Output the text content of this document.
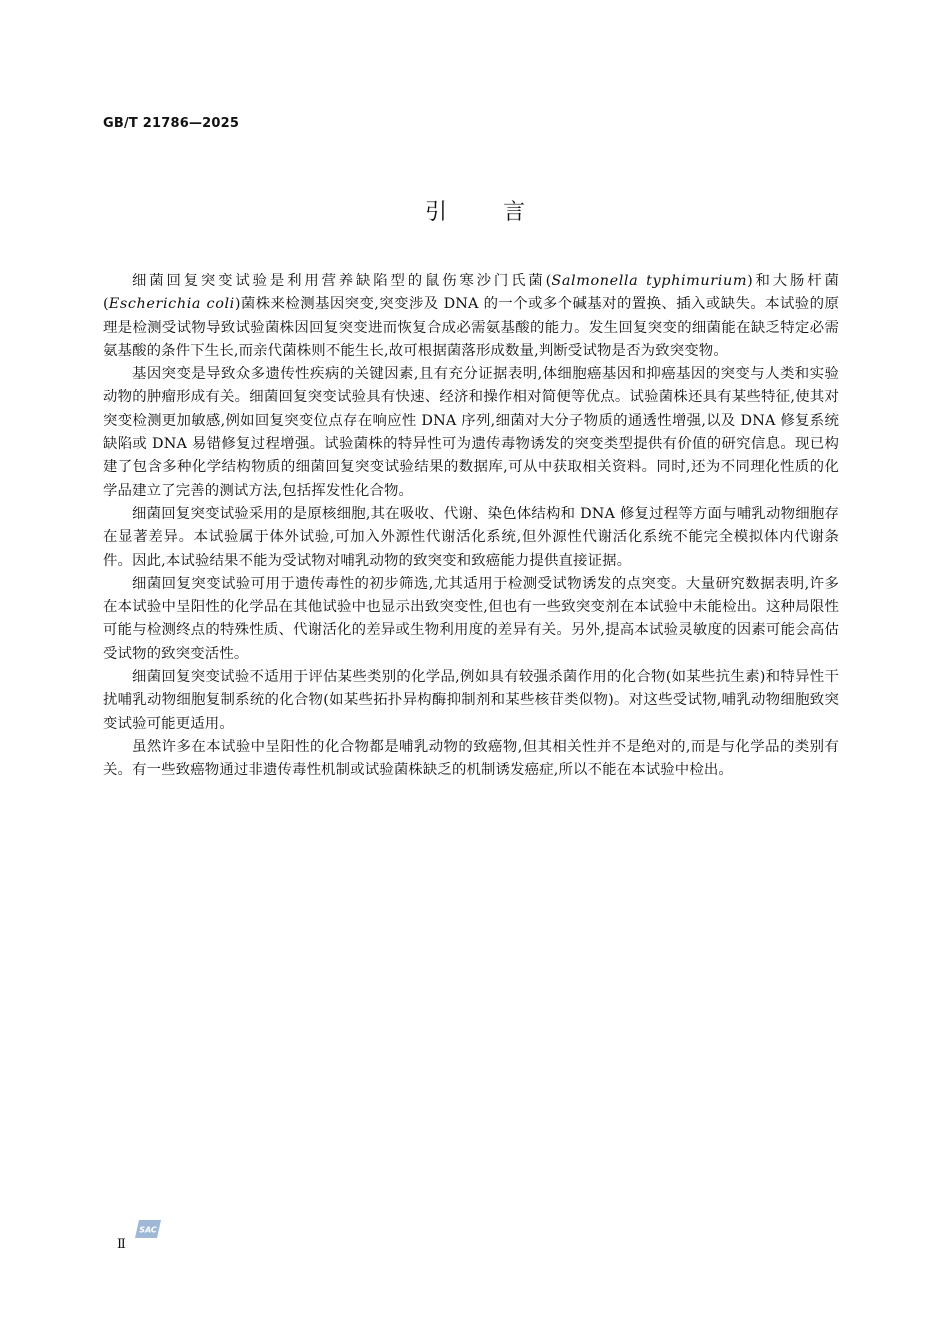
GB/T 21786—2025
引言

细菌回复突变试验是利用营养缺陷型的鼠伤寒沙门氏菌(Salmonella typhimurium)和大肠杆菌(Escherichia coli)菌株来检测基因突变,突变涉及 DNA 的一个或多个碱基对的置换、插入或缺失。本试验的原理是检测受试物导致试验菌株因回复突变进而恢复合成必需氨基酸的能力。发生回复突变的细菌能在缺乏特定必需氨基酸的条件下生长,而亲代菌株则不能生长,故可根据菌落形成数量,判断受试物是否为致突变物。

基因突变是导致众多遗传性疾病的关键因素,且有充分证据表明,体细胞癌基因和抑癌基因的突变与人类和实验动物的肿瘤形成有关。细菌回复突变试验具有快速、经济和操作相对简便等优点。试验菌株还具有某些特征,使其对突变检测更加敏感,例如回复突变位点存在响应性 DNA 序列,细菌对大分子物质的通透性增强,以及 DNA 修复系统缺陷或 DNA 易错修复过程增强。试验菌株的特异性可为遗传毒物诱发的突变类型提供有价值的研究信息。现已构建了包含多种化学结构物质的细菌回复突变试验结果的数据库,可从中获取相关资料。同时,还为不同理化性质的化学品建立了完善的测试方法,包括挥发性化合物。

细菌回复突变试验采用的是原核细胞,其在吸收、代谢、染色体结构和 DNA 修复过程等方面与哺乳动物细胞存在显著差异。本试验属于体外试验,可加入外源性代谢活化系统,但外源性代谢活化系统不能完全模拟体内代谢条件。因此,本试验结果不能为受试物对哺乳动物的致突变和致癌能力提供直接证据。

细菌回复突变试验可用于遗传毒性的初步筛选,尤其适用于检测受试物诱发的点突变。大量研究数据表明,许多在本试验中呈阳性的化学品在其他试验中也显示出致突变性,但也有一些致突变剂在本试验中未能检出。这种局限性可能与检测终点的特殊性质、代谢活化的差异或生物利用度的差异有关。另外,提高本试验灵敏度的因素可能会高估受试物的致突变活性。

细菌回复突变试验不适用于评估某些类别的化学品,例如具有较强杀菌作用的化合物(如某些抗生素)和特异性干扰哺乳动物细胞复制系统的化合物(如某些拓扑异构酶抑制剂和某些核苷类似物)。对这些受试物,哺乳动物细胞致突变试验可能更适用。

虽然许多在本试验中呈阳性的化合物都是哺乳动物的致癌物,但其相关性并不是绝对的,而是与化学品的类别有关。有一些致癌物通过非遗传毒性机制或试验菌株缺乏的机制诱发癌症,所以不能在本试验中检出。

Ⅱ
SAC
